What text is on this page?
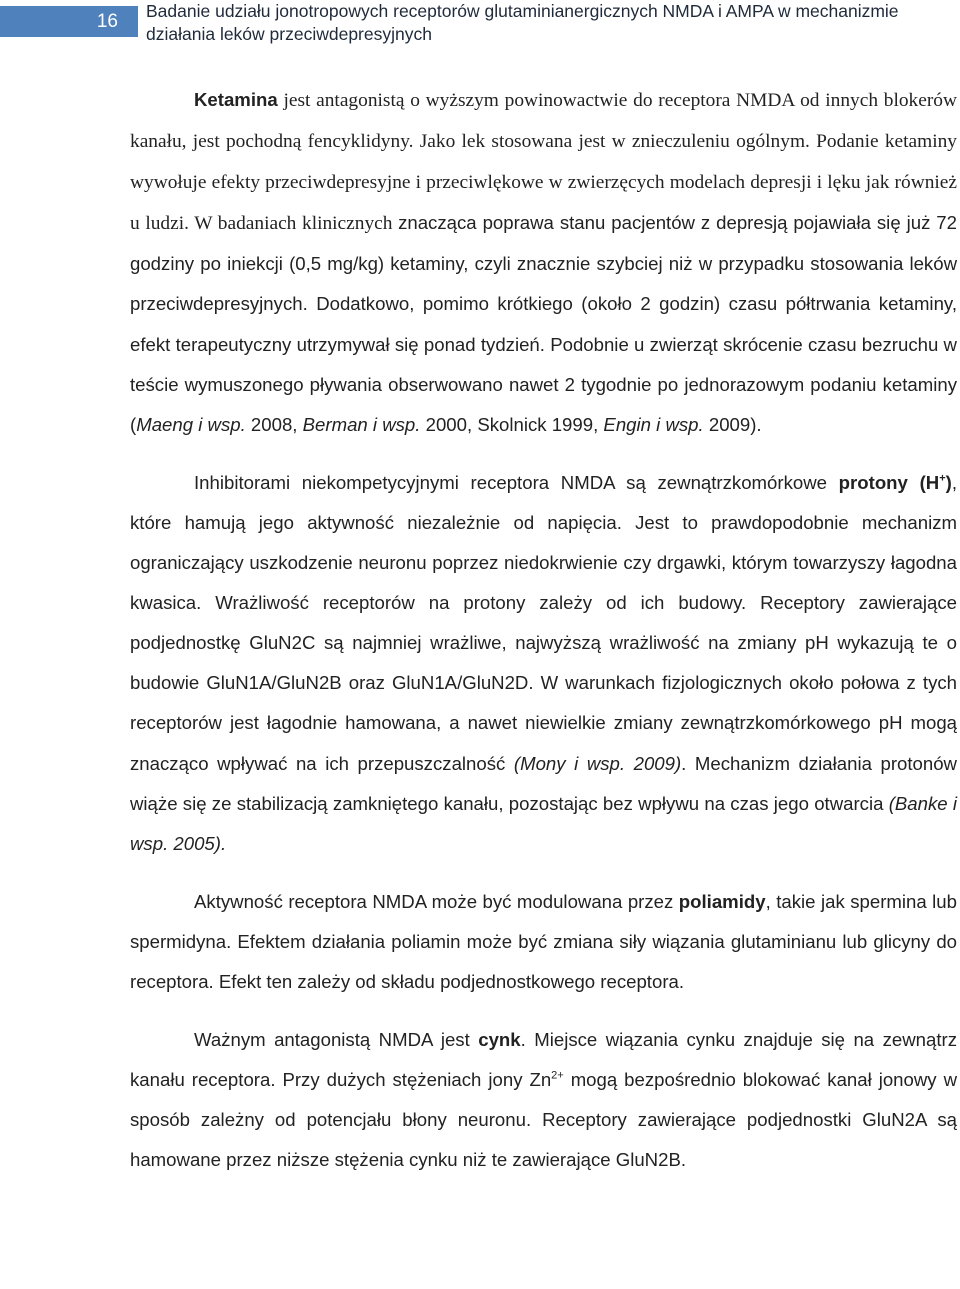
16	Badanie udziału jonotropowych receptorów glutaminianergicznych NMDA i AMPA w mechanizmie działania leków przeciwdepresyjnych

Ketamina jest antagonistą o wyższym powinowactwie do receptora NMDA od innych blokerów kanału, jest pochodną fencyklidyny. Jako lek stosowana jest w znieczuleniu ogólnym. Podanie ketaminy wywołuje efekty przeciwdepresyjne i przeciwlękowe w zwierzęcych modelach depresji i lęku jak również u ludzi. W badaniach klinicznych znacząca poprawa stanu pacjentów z depresją pojawiała się już 72 godziny po iniekcji (0,5 mg/kg) ketaminy, czyli znacznie szybciej niż w przypadku stosowania leków przeciwdepresyjnych. Dodatkowo, pomimo krótkiego (około 2 godzin) czasu półtrwania ketaminy, efekt terapeutyczny utrzymywał się ponad tydzień. Podobnie u zwierząt skrócenie czasu bezruchu w teście wymuszonego pływania obserwowano nawet 2 tygodnie po jednorazowym podaniu ketaminy (Maeng i wsp. 2008, Berman i wsp. 2000, Skolnick 1999, Engin i wsp. 2009).

Inhibitorami niekompetycyjnymi receptora NMDA są zewnątrzkomórkowe protony (H+), które hamują jego aktywność niezależnie od napięcia. Jest to prawdopodobnie mechanizm ograniczający uszkodzenie neuronu poprzez niedokrwienie czy drgawki, którym towarzyszy łagodna kwasica. Wrażliwość receptorów na protony zależy od ich budowy. Receptory zawierające podjednostkę GluN2C są najmniej wrażliwe, najwyższą wrażliwość na zmiany pH wykazują te o budowie GluN1A/GluN2B oraz GluN1A/GluN2D. W warunkach fizjologicznych około połowa z tych receptorów jest łagodnie hamowana, a nawet niewielkie zmiany zewnątrzkomórkowego pH mogą znacząco wpływać na ich przepuszczalność (Mony i wsp. 2009). Mechanizm działania protonów wiąże się ze stabilizacją zamkniętego kanału, pozostając bez wpływu na czas jego otwarcia (Banke i wsp. 2005).

Aktywność receptora NMDA może być modulowana przez poliamidy, takie jak spermina lub spermidyna. Efektem działania poliamin może być zmiana siły wiązania glutaminianu lub glicyny do receptora. Efekt ten zależy od składu podjednostkowego receptora.

Ważnym antagonistą NMDA jest cynk. Miejsce wiązania cynku znajduje się na zewnątrz kanału receptora. Przy dużych stężeniach jony $Zn^{2+}$ mogą bezpośrednio blokować kanał jonowy w sposób zależny od potencjału błony neuronu. Receptory zawierające podjednostki GluN2A są hamowane przez niższe stężenia cynku niż te zawierające GluN2B.
